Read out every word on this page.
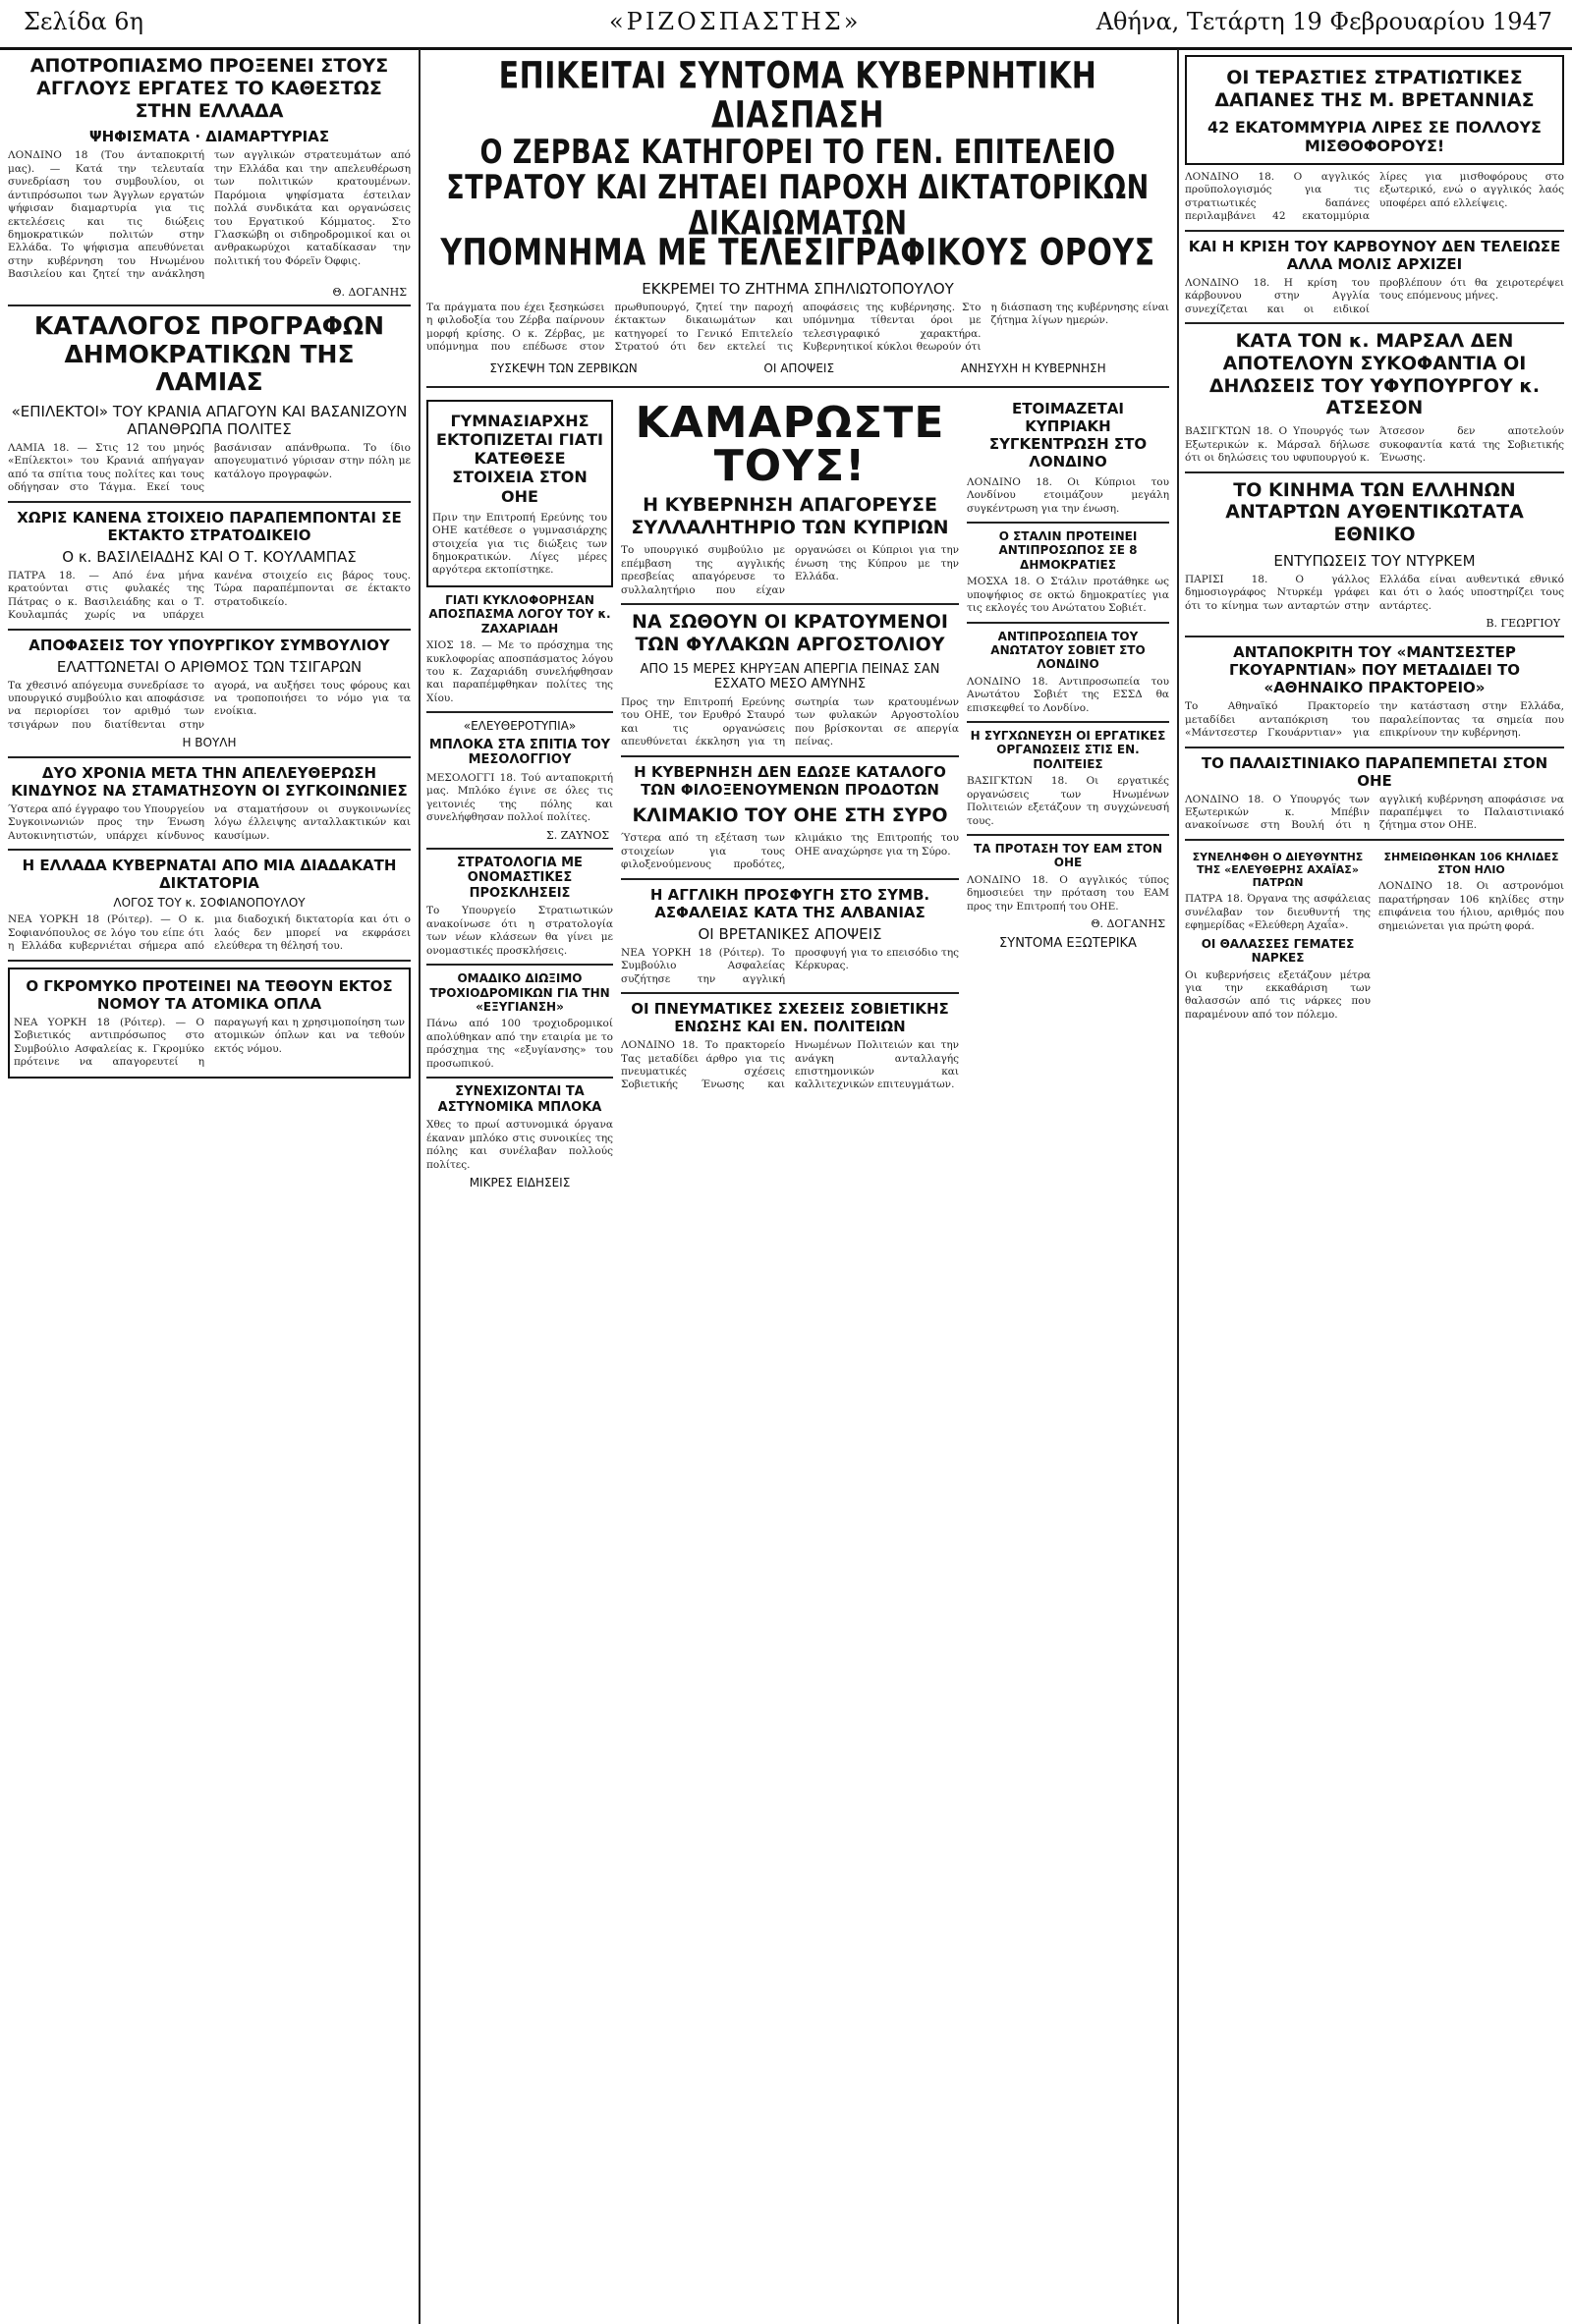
Σελίδα 6η	«ΡΙΖΟΣΠΑΣΤΗΣ»	Αθήνα, Τετάρτη 19 Φεβρουαρίου 1947
ΑΠΟΤΡΟΠΙΑΣΜΟ ΠΡΟΞΕΝΕΙ ΣΤΟΥΣ ΑΓΓΛΟΥΣ ΕΡΓΑΤΕΣ ΤΟ ΚΑΘΕΣΤΩΣ ΣΤΗΝ ΕΛΛΑΔΑ
ΨΗΦΙΣΜΑΤΑ · ΔΙΑΜΑΡΤΥΡΙΑΣ
ΛΟΝΔΙΝΟ 18 (Του άνταποκριτή μας). — Κατά την τελευταία συνεδρίαση του συμβουλίου, οι άντιπρόσωποι των Άγγλων εργατών ψήφισαν διαμαρτυρία για τις εκτελέσεις και τις διώξεις δημοκρατικών πολιτών στην Ελλάδα. Το ψήφισμα απευθύνεται στην κυβέρνηση του Ηνωμένου Βασιλείου και ζητεί την ανάκληση των αγγλικών στρατευμάτων από την Ελλάδα και την απελευθέρωση των πολιτικών κρατουμένων. Παρόμοια ψηφίσματα έστειλαν πολλά συνδικάτα και οργανώσεις του Εργατικού Κόμματος. Στο Γλασκώβη οι σιδηροδρομικοί και οι ανθρακωρύχοι καταδίκασαν την πολιτική του Φόρεϊν Όφφις.
Θ. ΔΟΓΑΝΗΣ
ΚΑΤΑΛΟΓΟΣ ΠΡΟΓΡΑΦΩΝ ΔΗΜΟΚΡΑΤΙΚΩΝ ΤΗΣ ΛΑΜΙΑΣ
«ΕΠΙΛΕΚΤΟΙ» ΤΟΥ ΚΡΑΝΙΑ ΑΠΑΓΟΥΝ ΚΑΙ ΒΑΣΑΝΙΖΟΥΝ ΑΠΑΝΘΡΩΠΑ ΠΟΛΙΤΕΣ
ΛΑΜΙΑ 18. — Στις 12 του μηνός «Επίλεκτοι» του Κρανιά απήγαγαν από τα σπίτια τους πολίτες και τους οδήγησαν στο Τάγμα. Εκεί τους βασάνισαν απάνθρωπα. Το ίδιο απογευματινό γύρισαν στην πόλη με κατάλογο προγραφών.
ΧΩΡΙΣ ΚΑΝΕΝΑ ΣΤΟΙΧΕΙΟ ΠΑΡΑΠΕΜΠΟΝΤΑΙ ΣΕ ΕΚΤΑΚΤΟ ΣΤΡΑΤΟΔΙΚΕΙΟ
Ο κ. ΒΑΣΙΛΕΙΑΔΗΣ ΚΑΙ Ο Τ. ΚΟΥΛΑΜΠΑΣ
ΠΑΤΡΑ 18. — Από ένα μήνα κρατούνται στις φυλακές της Πάτρας ο κ. Βασιλειάδης και ο Τ. Κουλαμπάς χωρίς να υπάρχει κανένα στοιχείο εις βάρος τους. Τώρα παραπέμπονται σε έκτακτο στρατοδικείο.
ΑΠΟΦΑΣΕΙΣ ΤΟΥ ΥΠΟΥΡΓΙΚΟΥ ΣΥΜΒΟΥΛΙΟΥ
ΕΛΑΤΤΩΝΕΤΑΙ Ο ΑΡΙΘΜΟΣ ΤΩΝ ΤΣΙΓΑΡΩΝ
Τα χθεσινό απόγευμα συνεδρίασε το υπουργικό συμβούλιο και αποφάσισε να περιορίσει τον αριθμό των τσιγάρων που διατίθενται στην αγορά, να αυξήσει τους φόρους και να τροποποιήσει το νόμο για τα ενοίκια.
Η ΒΟΥΛΗ
ΔΥΟ ΧΡΟΝΙΑ ΜΕΤΑ ΤΗΝ ΑΠΕΛΕΥΘΕΡΩΣΗ ΚΙΝΔΥΝΟΣ ΝΑ ΣΤΑΜΑΤΗΣΟΥΝ ΟΙ ΣΥΓΚΟΙΝΩΝΙΕΣ
Ύστερα από έγγραφο του Υπουργείου Συγκοινωνιών προς την Ένωση Αυτοκινητιστών, υπάρχει κίνδυνος να σταματήσουν οι συγκοινωνίες λόγω έλλειψης ανταλλακτικών και καυσίμων.
Η ΕΛΛΑΔΑ ΚΥΒΕΡΝΑΤΑΙ ΑΠΟ ΜΙΑ ΔΙΑΔΑΚΑΤΗ ΔΙΚΤΑΤΟΡΙΑ
ΛΟΓΟΣ ΤΟΥ κ. ΣΟΦΙΑΝΟΠΟΥΛΟΥ
ΝΕΑ ΥΟΡΚΗ 18 (Ρόιτερ). — Ο κ. Σοφιανόπουλος σε λόγο του είπε ότι η Ελλάδα κυβερνιέται σήμερα από μια διαδοχική δικτατορία και ότι ο λαός δεν μπορεί να εκφράσει ελεύθερα τη θέλησή του.
Ο ΓΚΡΟΜΥΚΟ ΠΡΟΤΕΙΝΕΙ ΝΑ ΤΕΘΟΥΝ ΕΚΤΟΣ ΝΟΜΟΥ ΤΑ ΑΤΟΜΙΚΑ ΟΠΛΑ
ΝΕΑ ΥΟΡΚΗ 18 (Ρόιτερ). — Ο Σοβιετικός αντιπρόσωπος στο Συμβούλιο Ασφαλείας κ. Γκρομύκο πρότεινε να απαγορευτεί η παραγωγή και η χρησιμοποίηση των ατομικών όπλων και να τεθούν εκτός νόμου.
ΕΠΙΚΕΙΤΑΙ ΣΥΝΤΟΜΑ ΚΥΒΕΡΝΗΤΙΚΗ ΔΙΑΣΠΑΣΗ
Ο ΖΕΡΒΑΣ ΚΑΤΗΓΟΡΕΙ ΤΟ ΓΕΝ. ΕΠΙΤΕΛΕΙΟ ΣΤΡΑΤΟΥ ΚΑΙ ΖΗΤΑΕΙ ΠΑΡΟΧΗ ΔΙΚΤΑΤΟΡΙΚΩΝ ΔΙΚΑΙΩΜΑΤΩΝ
ΥΠΟΜΝΗΜΑ ΜΕ ΤΕΛΕΣΙΓΡΑΦΙΚΟΥΣ ΟΡΟΥΣ
ΕΚΚΡΕΜΕΙ ΤΟ ΖΗΤΗΜΑ ΣΠΗΛΙΩΤΟΠΟΥΛΟΥ
Τα πράγματα που έχει ξεσηκώσει η φιλοδοξία του Ζέρβα παίρνουν μορφή κρίσης. Ο κ. Ζέρβας, με υπόμνημα που επέδωσε στον πρωθυπουργό, ζητεί την παροχή έκτακτων δικαιωμάτων και κατηγορεί το Γενικό Επιτελείο Στρατού ότι δεν εκτελεί τις αποφάσεις της κυβέρνησης. Στο υπόμνημα τίθενται όροι με τελεσιγραφικό χαρακτήρα. Κυβερνητικοί κύκλοι θεωρούν ότι η διάσπαση της κυβέρνησης είναι ζήτημα λίγων ημερών.
ΣΥΣΚΕΨΗ ΤΩΝ ΖΕΡΒΙΚΩΝ	ΟΙ ΑΠΟΨΕΙΣ	ΑΝΗΣΥΧΗ Η ΚΥΒΕΡΝΗΣΗ
ΓΥΜΝΑΣΙΑΡΧΗΣ ΕΚΤΟΠΙΖΕΤΑΙ ΓΙΑΤΙ ΚΑΤΕΘΕΣΕ ΣΤΟΙΧΕΙΑ ΣΤΟΝ ΟΗΕ
Πριν την Επιτροπή Ερεύνης του ΟΗΕ κατέθεσε ο γυμνασιάρχης στοιχεία για τις διώξεις των δημοκρατικών. Λίγες μέρες αργότερα εκτοπίστηκε.
ΓΙΑΤΙ ΚΥΚΛΟΦΟΡΗΣΑΝ ΑΠΟΣΠΑΣΜΑ ΛΟΓΟΥ ΤΟΥ κ. ΖΑΧΑΡΙΑΔΗ
ΧΙΟΣ 18. — Με το πρόσχημα της κυκλοφορίας αποσπάσματος λόγου του κ. Ζαχαριάδη συνελήφθησαν και παραπέμφθηκαν πολίτες της Χίου.
«ΕΛΕΥΘΕΡΟΤΥΠΙΑ»
ΜΠΛΟΚΑ ΣΤΑ ΣΠΙΤΙΑ ΤΟΥ ΜΕΣΟΛΟΓΓΙΟΥ
ΜΕΣΟΛΟΓΓΙ 18. Τού ανταποκριτή μας. Μπλόκο έγινε σε όλες τις γειτονιές της πόλης και συνελήφθησαν πολλοί πολίτες.
Σ. ΖΑΥΝΟΣ
ΣΤΡΑΤΟΛΟΓΙΑ ΜΕ ΟΝΟΜΑΣΤΙΚΕΣ ΠΡΟΣΚΛΗΣΕΙΣ
Το Υπουργείο Στρατιωτικών ανακοίνωσε ότι η στρατολογία των νέων κλάσεων θα γίνει με ονομαστικές προσκλήσεις.
ΟΜΑΔΙΚΟ ΔΙΩΞΙΜΟ ΤΡΟΧΙΟΔΡΟΜΙΚΩΝ ΓΙΑ ΤΗΝ «ΕΞΥΓΙΑΝΣΗ»
Πάνω από 100 τροχιοδρομικοί απολύθηκαν από την εταιρία με το πρόσχημα της «εξυγίανσης» του προσωπικού.
ΣΥΝΕΧΙΖΟΝΤΑΙ ΤΑ ΑΣΤΥΝΟΜΙΚΑ ΜΠΛΟΚΑ
Χθες το πρωί αστυνομικά όργανα έκαναν μπλόκο στις συνοικίες της πόλης και συνέλαβαν πολλούς πολίτες.
ΜΙΚΡΕΣ ΕΙΔΗΣΕΙΣ
ΚΑΜΑΡΩΣΤΕ ΤΟΥΣ!
Η ΚΥΒΕΡΝΗΣΗ ΑΠΑΓΟΡΕΥΣΕ ΣΥΛΛΑΛΗΤΗΡΙΟ ΤΩΝ ΚΥΠΡΙΩΝ
Το υπουργικό συμβούλιο με επέμβαση της αγγλικής πρεσβείας απαγόρευσε το συλλαλητήριο που είχαν οργανώσει οι Κύπριοι για την ένωση της Κύπρου με την Ελλάδα.
ΝΑ ΣΩΘΟΥΝ ΟΙ ΚΡΑΤΟΥΜΕΝΟΙ ΤΩΝ ΦΥΛΑΚΩΝ ΑΡΓΟΣΤΟΛΙΟΥ
ΑΠΟ 15 ΜΕΡΕΣ ΚΗΡΥΞΑΝ ΑΠΕΡΓΙΑ ΠΕΙΝΑΣ ΣΑΝ ΕΣΧΑΤΟ ΜΕΣΟ ΑΜΥΝΗΣ
Προς την Επιτροπή Ερεύνης του ΟΗΕ, τον Ερυθρό Σταυρό και τις οργανώσεις απευθύνεται έκκληση για τη σωτηρία των κρατουμένων των φυλακών Αργοστολίου που βρίσκονται σε απεργία πείνας.
Η ΚΥΒΕΡΝΗΣΗ ΔΕΝ ΕΔΩΣΕ ΚΑΤΑΛΟΓΟ ΤΩΝ ΦΙΛΟΞΕΝΟΥΜΕΝΩΝ ΠΡΟΔΟΤΩΝ
ΚΛΙΜΑΚΙΟ ΤΟΥ ΟΗΕ ΣΤΗ ΣΥΡΟ
Ύστερα από τη εξέταση των στοιχείων για τους φιλοξενούμενους προδότες, κλιμάκιο της Επιτροπής του ΟΗΕ αναχώρησε για τη Σύρο.
Η ΑΓΓΛΙΚΗ ΠΡΟΣΦΥΓΗ ΣΤΟ ΣΥΜΒ. ΑΣΦΑΛΕΙΑΣ ΚΑΤΑ ΤΗΣ ΑΛΒΑΝΙΑΣ
ΟΙ ΒΡΕΤΑΝΙΚΕΣ ΑΠΟΨΕΙΣ
ΝΕΑ ΥΟΡΚΗ 18 (Ρόιτερ). Το Συμβούλιο Ασφαλείας συζήτησε την αγγλική προσφυγή για το επεισόδιο της Κέρκυρας.
ΟΙ ΠΝΕΥΜΑΤΙΚΕΣ ΣΧΕΣΕΙΣ ΣΟΒΙΕΤΙΚΗΣ ΕΝΩΣΗΣ ΚΑΙ ΕΝ. ΠΟΛΙΤΕΙΩΝ
ΛΟΝΔΙΝΟ 18. Το πρακτορείο Τας μεταδίδει άρθρο για τις πνευματικές σχέσεις Σοβιετικής Ένωσης και Ηνωμένων Πολιτειών και την ανάγκη ανταλλαγής επιστημονικών και καλλιτεχνικών επιτευγμάτων.
ΕΤΟΙΜΑΖΕΤΑΙ ΚΥΠΡΙΑΚΗ ΣΥΓΚΕΝΤΡΩΣΗ ΣΤΟ ΛΟΝΔΙΝΟ
ΛΟΝΔΙΝΟ 18. Οι Κύπριοι του Λονδίνου ετοιμάζουν μεγάλη συγκέντρωση για την ένωση.
Ο ΣΤΑΛΙΝ ΠΡΟΤΕΙΝΕΙ ΑΝΤΙΠΡΟΣΩΠΟΣ ΣΕ 8 ΔΗΜΟΚΡΑΤΙΕΣ
ΜΟΣΧΑ 18. Ο Στάλιν προτάθηκε ως υποψήφιος σε οκτώ δημοκρατίες για τις εκλογές του Ανώτατου Σοβιέτ.
ΑΝΤΙΠΡΟΣΩΠΕΙΑ ΤΟΥ ΑΝΩΤΑΤΟΥ ΣΟΒΙΕΤ ΣΤΟ ΛΟΝΔΙΝΟ
ΛΟΝΔΙΝΟ 18. Αντιπροσωπεία του Ανωτάτου Σοβιέτ της ΕΣΣΔ θα επισκεφθεί το Λονδίνο.
Η ΣΥΓΧΩΝΕΥΣΗ ΟΙ ΕΡΓΑΤΙΚΕΣ ΟΡΓΑΝΩΣΕΙΣ ΣΤΙΣ ΕΝ. ΠΟΛΙΤΕΙΕΣ
ΒΑΣΙΓΚΤΩΝ 18. Οι εργατικές οργανώσεις των Ηνωμένων Πολιτειών εξετάζουν τη συγχώνευσή τους.
ΤΑ ΠΡΟΤΑΣΗ ΤΟΥ ΕΑΜ ΣΤΟΝ ΟΗΕ
ΛΟΝΔΙΝΟ 18. Ο αγγλικός τύπος δημοσιεύει την πρόταση του ΕΑΜ προς την Επιτροπή του ΟΗΕ.
Θ. ΔΟΓΑΝΗΣ
ΣΥΝΤΟΜΑ ΕΞΩΤΕΡΙΚΑ
ΟΙ ΤΕΡΑΣΤΙΕΣ ΣΤΡΑΤΙΩΤΙΚΕΣ ΔΑΠΑΝΕΣ ΤΗΣ Μ. ΒΡΕΤΑΝΝΙΑΣ
42 ΕΚΑΤΟΜΜΥΡΙΑ ΛΙΡΕΣ ΣΕ ΠΟΛΛΟΥΣ ΜΙΣΘΟΦΟΡΟΥΣ!
ΛΟΝΔΙΝΟ 18. Ο αγγλικός προϋπολογισμός για τις στρατιωτικές δαπάνες περιλαμβάνει 42 εκατομμύρια λίρες για μισθοφόρους στο εξωτερικό, ενώ ο αγγλικός λαός υποφέρει από ελλείψεις.
ΚΑΙ Η ΚΡΙΣΗ ΤΟΥ ΚΑΡΒΟΥΝΟΥ ΔΕΝ ΤΕΛΕΙΩΣΕ ΑΛΛΑ ΜΟΛΙΣ ΑΡΧΙΖΕΙ
ΛΟΝΔΙΝΟ 18. Η κρίση του κάρβουνου στην Αγγλία συνεχίζεται και οι ειδικοί προβλέπουν ότι θα χειροτερέψει τους επόμενους μήνες.
ΚΑΤΑ ΤΟΝ κ. ΜΑΡΣΑΛ ΔΕΝ ΑΠΟΤΕΛΟΥΝ ΣΥΚΟΦΑΝΤΙΑ ΟΙ ΔΗΛΩΣΕΙΣ ΤΟΥ ΥΦΥΠΟΥΡΓΟΥ κ. ΑΤΣΕΣΟΝ
ΒΑΣΙΓΚΤΩΝ 18. Ο Υπουργός των Εξωτερικών κ. Μάρσαλ δήλωσε ότι οι δηλώσεις του υφυπουργού κ. Άτσεσον δεν αποτελούν συκοφαντία κατά της Σοβιετικής Ένωσης.
ΤΟ ΚΙΝΗΜΑ ΤΩΝ ΕΛΛΗΝΩΝ ΑΝΤΑΡΤΩΝ ΑΥΘΕΝΤΙΚΩΤΑΤΑ ΕΘΝΙΚΟ
ΕΝΤΥΠΩΣΕΙΣ ΤΟΥ ΝΤΥΡΚΕΜ
ΠΑΡΙΣΙ 18. Ο γάλλος δημοσιογράφος Ντυρκέμ γράφει ότι το κίνημα των ανταρτών στην Ελλάδα είναι αυθεντικά εθνικό και ότι ο λαός υποστηρίζει τους αντάρτες.
Β. ΓΕΩΡΓΙΟΥ
ΑΝΤΑΠΟΚΡΙΤΗ ΤΟΥ «ΜΑΝΤΣΕΣΤΕΡ ΓΚΟΥΑΡΝΤΙΑΝ» ΠΟΥ ΜΕΤΑΔΙΔΕΙ ΤΟ «ΑΘΗΝΑΙΚΟ ΠΡΑΚΤΟΡΕΙΟ»
Το Αθηναϊκό Πρακτορείο μεταδίδει ανταπόκριση του «Μάντσεστερ Γκουάρντιαν» για την κατάσταση στην Ελλάδα, παραλείποντας τα σημεία που επικρίνουν την κυβέρνηση.
ΤΟ ΠΑΛΑΙΣΤΙΝΙΑΚΟ ΠΑΡΑΠΕΜΠΕΤΑΙ ΣΤΟΝ ΟΗΕ
ΛΟΝΔΙΝΟ 18. Ο Υπουργός των Εξωτερικών κ. Μπέβιν ανακοίνωσε στη Βουλή ότι η αγγλική κυβέρνηση αποφάσισε να παραπέμψει το Παλαιστινιακό ζήτημα στον ΟΗΕ.
ΣΥΝΕΛΗΦΘΗ Ο ΔΙΕΥΘΥΝΤΗΣ ΤΗΣ «ΕΛΕΥΘΕΡΗΣ ΑΧΑΪΑΣ» ΠΑΤΡΩΝ
ΠΑΤΡΑ 18. Όργανα της ασφάλειας συνέλαβαν τον διευθυντή της εφημερίδας «Ελεύθερη Αχαΐα».
ΟΙ ΘΑΛΑΣΣΕΣ ΓΕΜΑΤΕΣ ΝΑΡΚΕΣ
Οι κυβερνήσεις εξετάζουν μέτρα για την εκκαθάριση των θαλασσών από τις νάρκες που παραμένουν από τον πόλεμο.
ΣΗΜΕΙΩΘΗΚΑΝ 106 ΚΗΛΙΔΕΣ ΣΤΟΝ ΗΛΙΟ
ΛΟΝΔΙΝΟ 18. Οι αστρονόμοι παρατήρησαν 106 κηλίδες στην επιφάνεια του ήλιου, αριθμός που σημειώνεται για πρώτη φορά.
